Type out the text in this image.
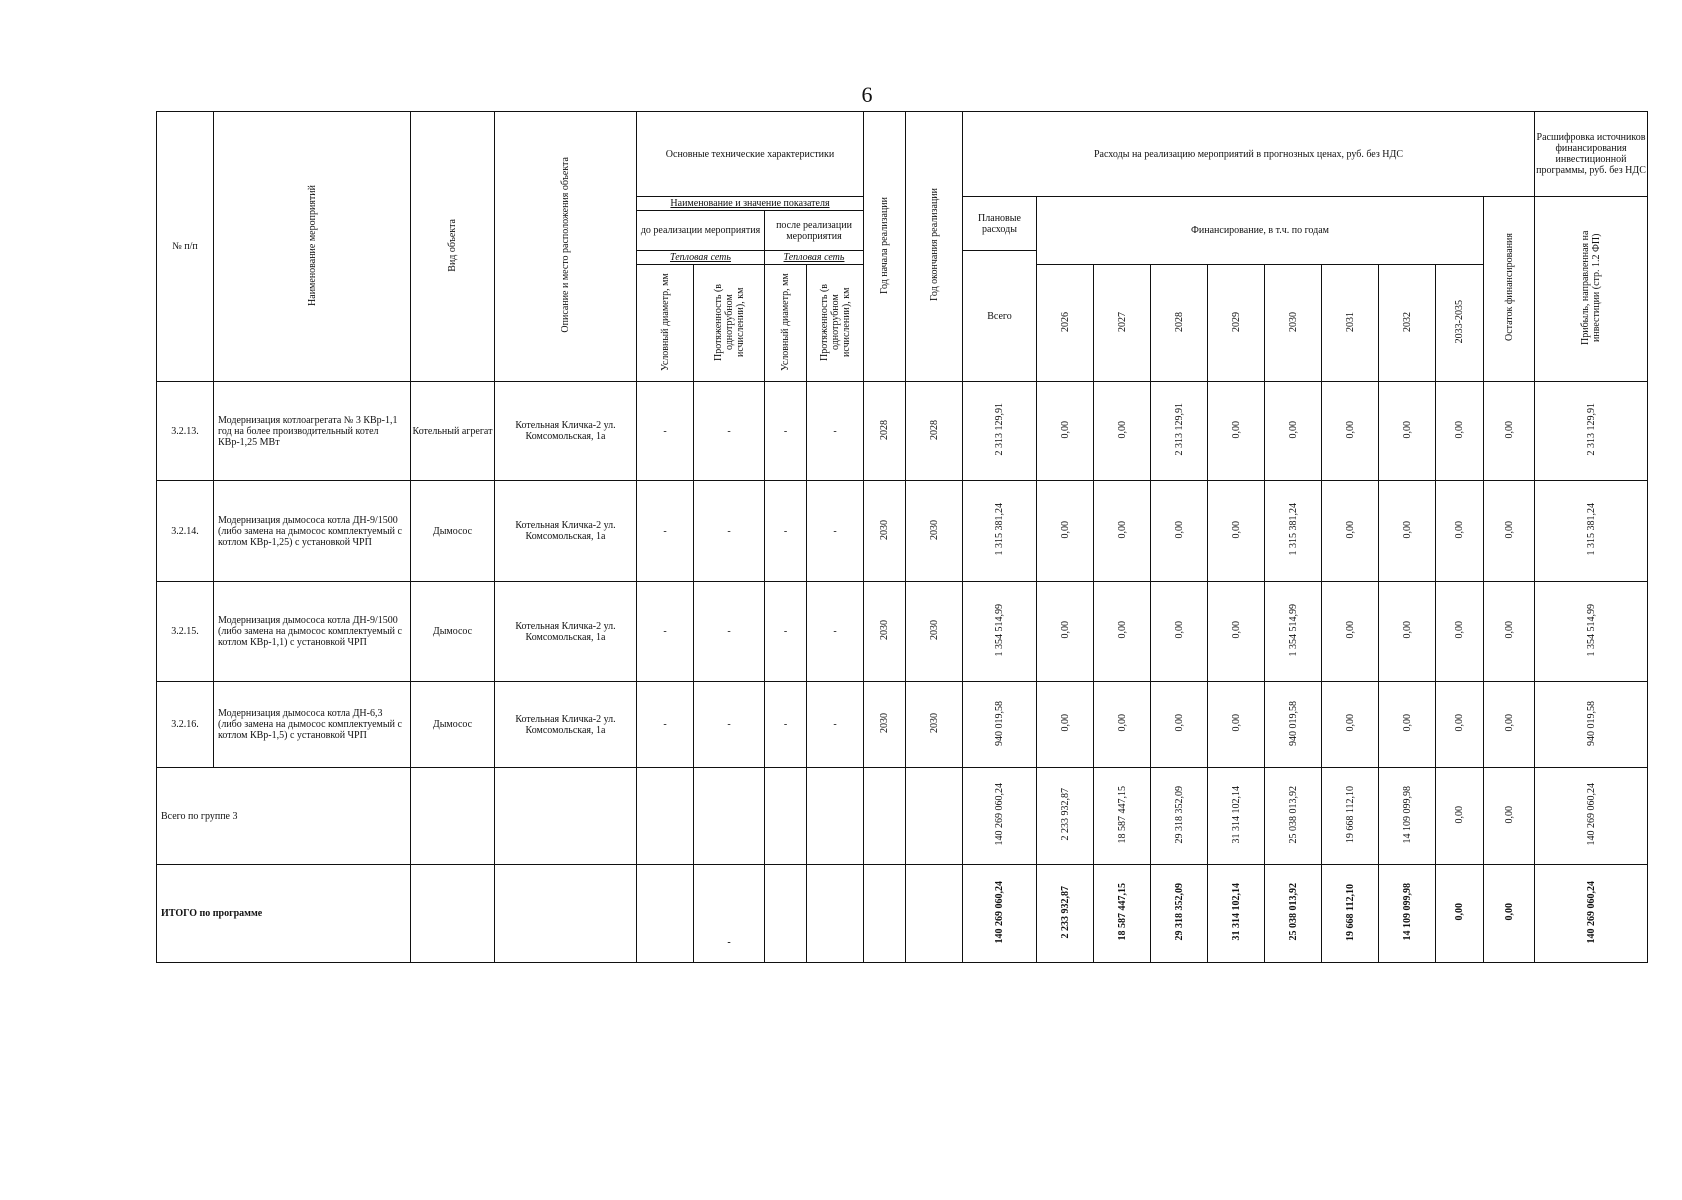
6
№ п/п	Наименование мероприятий	Вид объекта	Описание и место расположения объекта	Основные технические характеристики				Год начала реализации	Год окончания реализации	Расходы на реализацию мероприятий в прогнозных ценах, руб. без НДС										Расшифровка источников финансирования инвестиционной программы, руб. без НДС
				Наименование и значение показателя						Плановые расходы	Финансирование, в т.ч. по годам								Остаток финансирования	Прибыль, направленная на инвестиции (стр. 1.2 ФП)
				до реализации мероприятия		после реализации мероприятия														
				Тепловая сеть		Тепловая сеть				Всего										
				Условный диаметр, мм	Протяженность (в однотрубном исчислении), км	Условный диаметр, мм	Протяженность (в однотрубном исчислении), км				2026	2027	2028	2029	2030	2031	2032	2033-2035		
3.2.13.	Модернизация котлоагрегата № 3 КВр-1,1 год на более производительный котел КВр-1,25 МВт	Котельный агрегат	Котельная Кличка-2 ул. Комсомольская, 1а	-	-	-	-	2028	2028	2 313 129,91	0,00	0,00	2 313 129,91	0,00	0,00	0,00	0,00	0,00	0,00	2 313 129,91
3.2.14.	Модернизация дымососа котла ДН-9/1500 (либо замена на дымосос комплектуемый с котлом КВр-1,25) с установкой ЧРП	Дымосос	Котельная Кличка-2 ул. Комсомольская, 1а	-	-	-	-	2030	2030	1 315 381,24	0,00	0,00	0,00	0,00	1 315 381,24	0,00	0,00	0,00	0,00	1 315 381,24
3.2.15.	Модернизация дымососа котла ДН-9/1500 (либо замена на дымосос комплектуемый с котлом КВр-1,1) с установкой ЧРП	Дымосос	Котельная Кличка-2 ул. Комсомольская, 1а	-	-	-	-	2030	2030	1 354 514,99	0,00	0,00	0,00	0,00	1 354 514,99	0,00	0,00	0,00	0,00	1 354 514,99
3.2.16.	Модернизация дымососа котла ДН-6,3 (либо замена на дымосос комплектуемый с котлом КВр-1,5) с установкой ЧРП	Дымосос	Котельная Кличка-2 ул. Комсомольская, 1а	-	-	-	-	2030	2030	940 019,58	0,00	0,00	0,00	0,00	940 019,58	0,00	0,00	0,00	0,00	940 019,58
Всего по группе 3										140 269 060,24	2 233 932,87	18 587 447,15	29 318 352,09	31 314 102,14	25 038 013,92	19 668 112,10	14 109 099,98	0,00	0,00	140 269 060,24
ИТОГО по программе					-					140 269 060,24	2 233 932,87	18 587 447,15	29 318 352,09	31 314 102,14	25 038 013,92	19 668 112,10	14 109 099,98	0,00	0,00	140 269 060,24
